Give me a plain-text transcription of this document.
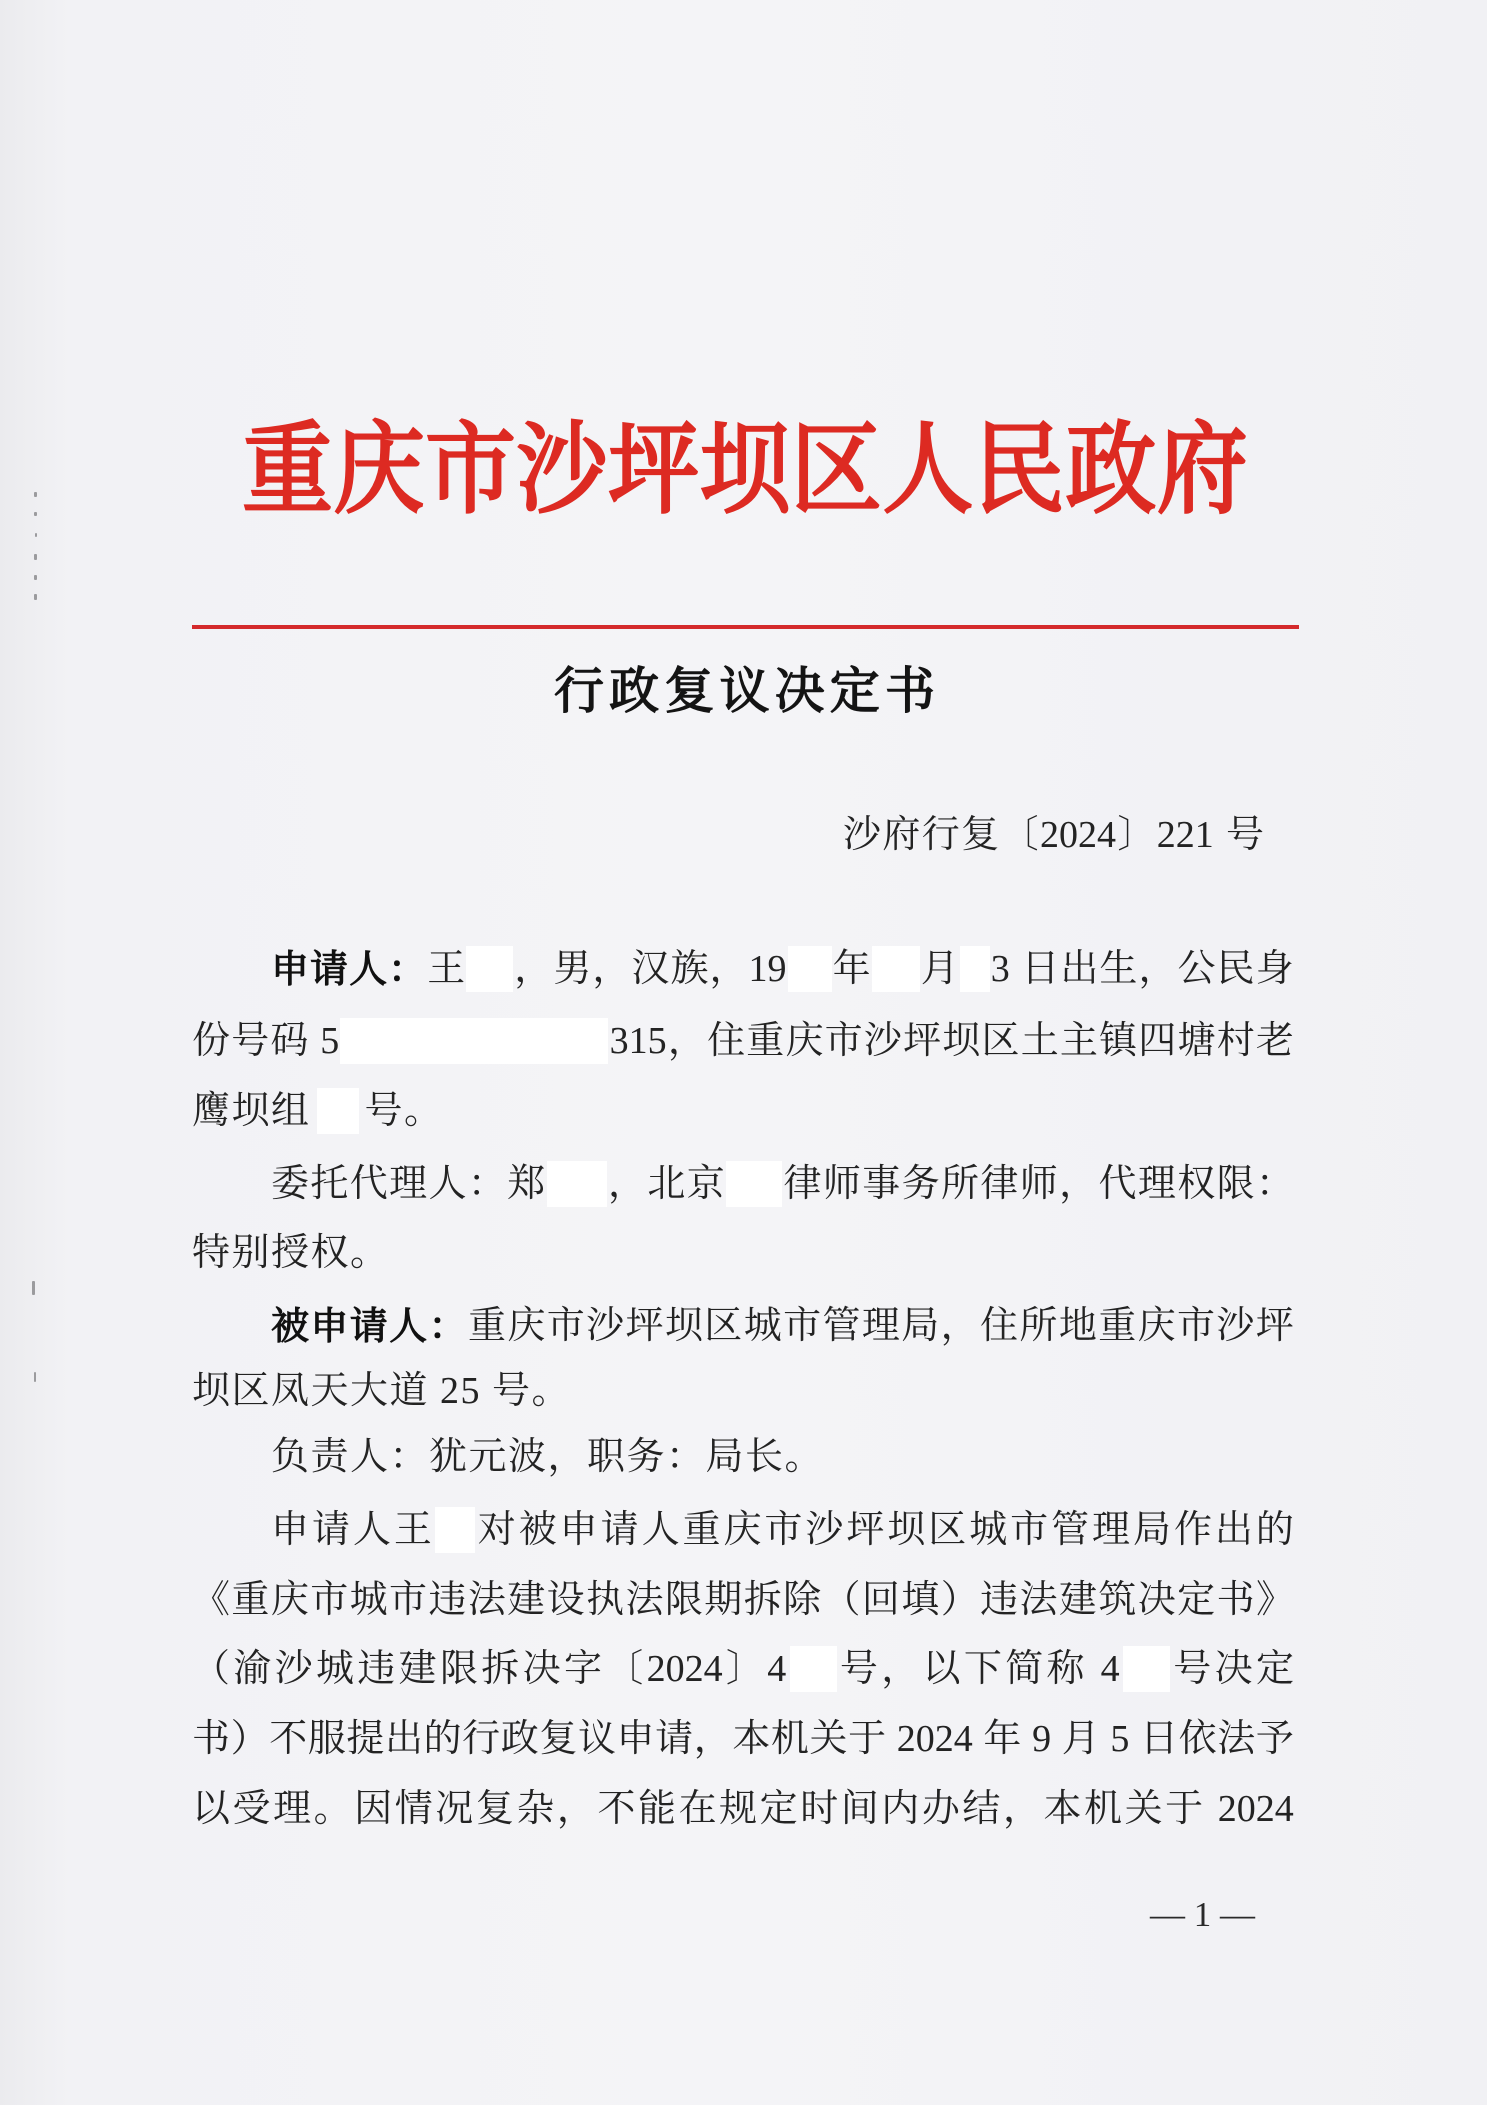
重 庆 市 沙 坪 坝 区 人 民 政 府
行 政 复 议 决 定 书
沙 府 行 复 〔 2024 〕 221
号
申 请 人 ： 王 ， 男 ， 汉 族 ， 19 年 月 3
日 出 生 ， 公 民 身
份 号 码
5	315 ， 住 重 庆 市 沙 坪 坝 区 土 主 镇 四 塘 村 老
鹰坝组 号。
委 托 代 理 人 ： 郑 ， 北 京 律 师 事 务 所 律 师 ， 代 理 权 限 ：
特别授权。
被 申 请 人 ： 重 庆 市 沙 坪 坝 区 城 市 管 理 局 ， 住 所 地 重 庆 市 沙 坪
坝区凤天大道 25 号。
负责人：犹元波，职务：局长。
申 请 人 王 对 被 申 请 人 重 庆 市 沙 坪 坝 区 城 市 管 理 局 作 出 的
《 重 庆 市 城 市 违 法 建 设 执 法 限 期 拆 除 （ 回 填 ） 违 法 建 筑 决 定 书 》
（ 渝 沙 城 违 建 限 拆 决 字 〔 2024 〕 4 号 ， 以 下 简 称
4 号 决 定
书 ） 不 服 提 出 的 行 政 复 议 申 请 ， 本 机 关 于
2024
年
9
月
5
日 依 法 予
以 受 理 。 因 情 况 复 杂 ， 不 能 在 规 定 时 间 内 办 结 ， 本 机 关 于
2024
— 1 —
